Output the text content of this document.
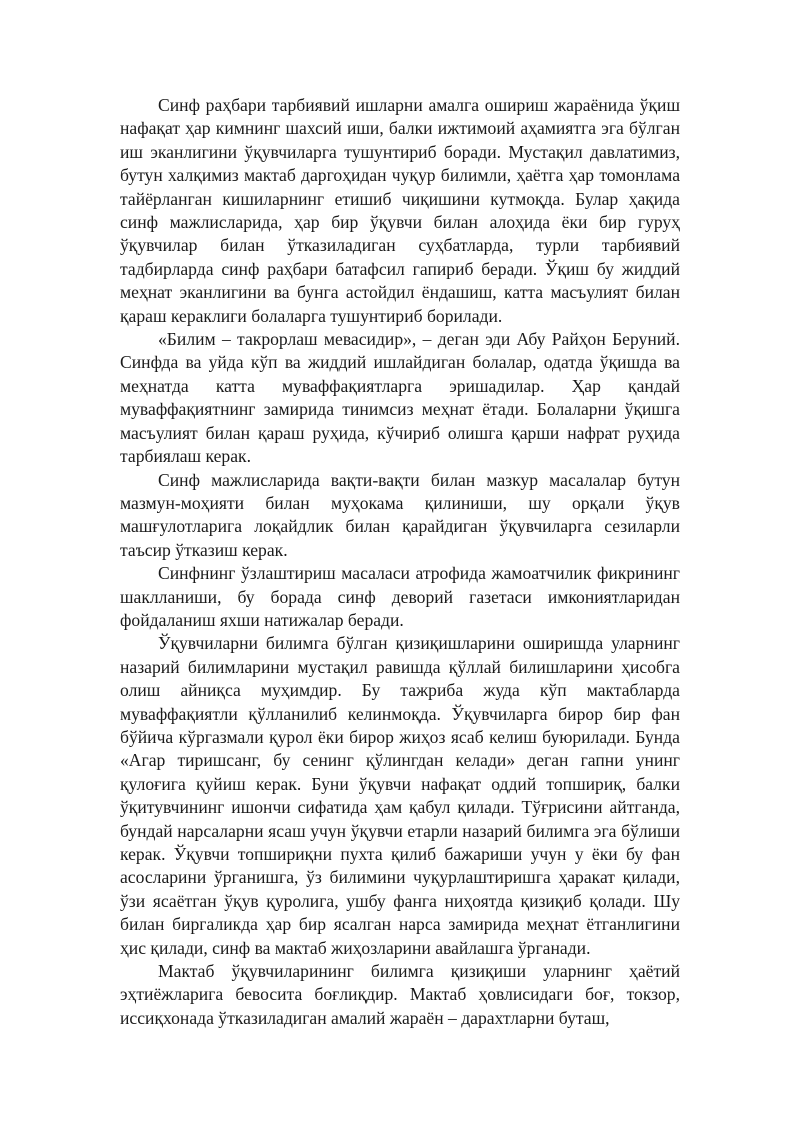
Синф раҳбари тарбиявий ишларни амалга ошириш жараёнида ўқиш нафақат ҳар кимнинг шахсий иши, балки ижтимоий аҳамиятга эга бўлган иш эканлигини ўқувчиларга тушунтириб боради. Мустақил давлатимиз, бутун халқимиз мактаб даргоҳидан чуқур билимли, ҳаётга ҳар томонлама тайёрланган кишиларнинг етишиб чиқишини кутмоқда. Булар ҳақида синф мажлисларида, ҳар бир ўқувчи билан алоҳида ёки бир гуруҳ ўқувчилар билан ўтказиладиган суҳбатларда, турли тарбиявий тадбирларда синф раҳбари батафсил гапириб беради. Ўқиш бу жиддий меҳнат эканлигини ва бунга астойдил ёндашиш, катта масъулият билан қараш кераклиги болаларга тушунтириб борилади.

«Билим – такрорлаш мевасидир», – деган эди Абу Райҳон Беруний. Синфда ва уйда кўп ва жиддий ишлайдиган болалар, одатда ўқишда ва меҳнатда катта муваффақиятларга эришадилар. Ҳар қандай муваффақиятнинг замирида тинимсиз меҳнат ётади. Болаларни ўқишга масъулият билан қараш руҳида, кўчириб олишга қарши нафрат руҳида тарбиялаш керак.

Синф мажлисларида вақти-вақти билан мазкур масалалар бутун мазмун-моҳияти билан муҳокама қилиниши, шу орқали ўқув машғулотларига лоқайдлик билан қарайдиган ўқувчиларга сезиларли таъсир ўтказиш керак.

Синфнинг ўзлаштириш масаласи атрофида жамоатчилик фикрининг шаклланиши, бу борада синф деворий газетаси имкониятларидан фойдаланиш яхши натижалар беради.

Ўқувчиларни билимга бўлган қизиқишларини оширишда уларнинг назарий билимларини мустақил равишда қўллай билишларини ҳисобга олиш айниқса муҳимдир. Бу тажриба жуда кўп мактабларда муваффақиятли қўлланилиб келинмоқда. Ўқувчиларга бирор бир фан бўйича кўргазмали қурол ёки бирор жиҳоз ясаб келиш буюрилади. Бунда «Агар тиришсанг, бу сенинг қўлингдан келади» деган гапни унинг қулоғига қуйиш керак. Буни ўқувчи нафақат оддий топшириқ, балки ўқитувчининг ишончи сифатида ҳам қабул қилади. Тўғрисини айтганда, бундай нарсаларни ясаш учун ўқувчи етарли назарий билимга эга бўлиши керак. Ўқувчи топшириқни пухта қилиб бажариши учун у ёки бу фан асосларини ўрганишга, ўз билимини чуқурлаштиришга ҳаракат қилади, ўзи ясаётган ўқув қуролига, ушбу фанга ниҳоятда қизиқиб қолади. Шу билан биргаликда ҳар бир ясалган нарса замирида меҳнат ётганлигини ҳис қилади, синф ва мактаб жиҳозларини авайлашга ўрганади.

Мактаб ўқувчиларининг билимга қизиқиши уларнинг ҳаётий эҳтиёжларига бевосита боғлиқдир. Мактаб ҳовлисидаги боғ, токзор, иссиқхонада ўтказиладиган амалий жараён – дарахтларни буташ,
